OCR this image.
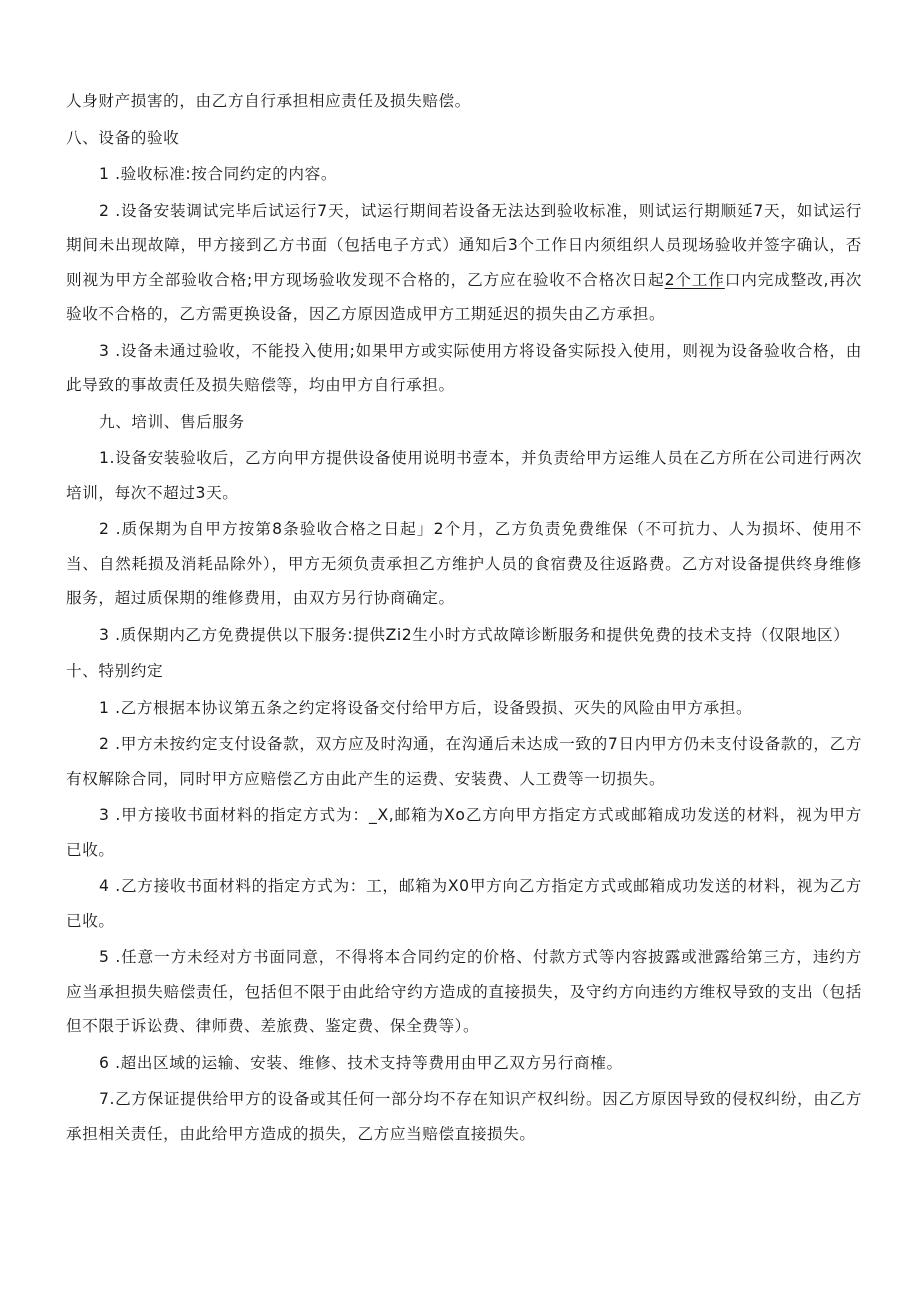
人身财产损害的，由乙方自行承担相应责任及损失赔偿。

八、设备的验收

1 .验收标准:按合同约定的内容。

2 .设备安装调试完毕后试运行7天，试运行期间若设备无法达到验收标准，则试运行期顺延7天，如试运行期间未出现故障，甲方接到乙方书面（包括电子方式）通知后3个工作日内须组织人员现场验收并签字确认，否则视为甲方全部验收合格;甲方现场验收发现不合格的，乙方应在验收不合格次日起2个工作口内完成整改,再次验收不合格的，乙方需更换设备，因乙方原因造成甲方工期延迟的损失由乙方承担。

3 .设备未通过验收，不能投入使用;如果甲方或实际使用方将设备实际投入使用，则视为设备验收合格，由此导致的事故责任及损失赔偿等，均由甲方自行承担。

九、培训、售后服务

1.设备安装验收后，乙方向甲方提供设备使用说明书壹本，并负责给甲方运维人员在乙方所在公司进行两次培训，每次不超过3天。

2 .质保期为自甲方按第8条验收合格之日起」2个月，乙方负责免费维保（不可抗力、人为损坏、使用不当、自然耗损及消耗品除外），甲方无须负责承担乙方维护人员的食宿费及往返路费。乙方对设备提供终身维修服务，超过质保期的维修费用，由双方另行协商确定。

3 .质保期内乙方免费提供以下服务:提供Zi2生小时方式故障诊断服务和提供免费的技术支持（仅限地区）

十、特别约定

1 .乙方根据本协议第五条之约定将设备交付给甲方后，设备毁损、灭失的风险由甲方承担。

2 .甲方未按约定支付设备款，双方应及时沟通，在沟通后未达成一致的7日内甲方仍未支付设备款的，乙方有权解除合同，同时甲方应赔偿乙方由此产生的运费、安装费、人工费等一切损失。

3 .甲方接收书面材料的指定方式为：_X,邮箱为Xo乙方向甲方指定方式或邮箱成功发送的材料，视为甲方已收。

4 .乙方接收书面材料的指定方式为：工，邮箱为X0甲方向乙方指定方式或邮箱成功发送的材料，视为乙方已收。

5 .任意一方未经对方书面同意，不得将本合同约定的价格、付款方式等内容披露或泄露给第三方，违约方应当承担损失赔偿责任，包括但不限于由此给守约方造成的直接损失，及守约方向违约方维权导致的支出（包括但不限于诉讼费、律师费、差旅费、鉴定费、保全费等）。

6 .超出区域的运输、安装、维修、技术支持等费用由甲乙双方另行商榷。

7.乙方保证提供给甲方的设备或其任何一部分均不存在知识产权纠纷。因乙方原因导致的侵权纠纷，由乙方承担相关责任，由此给甲方造成的损失，乙方应当赔偿直接损失。
